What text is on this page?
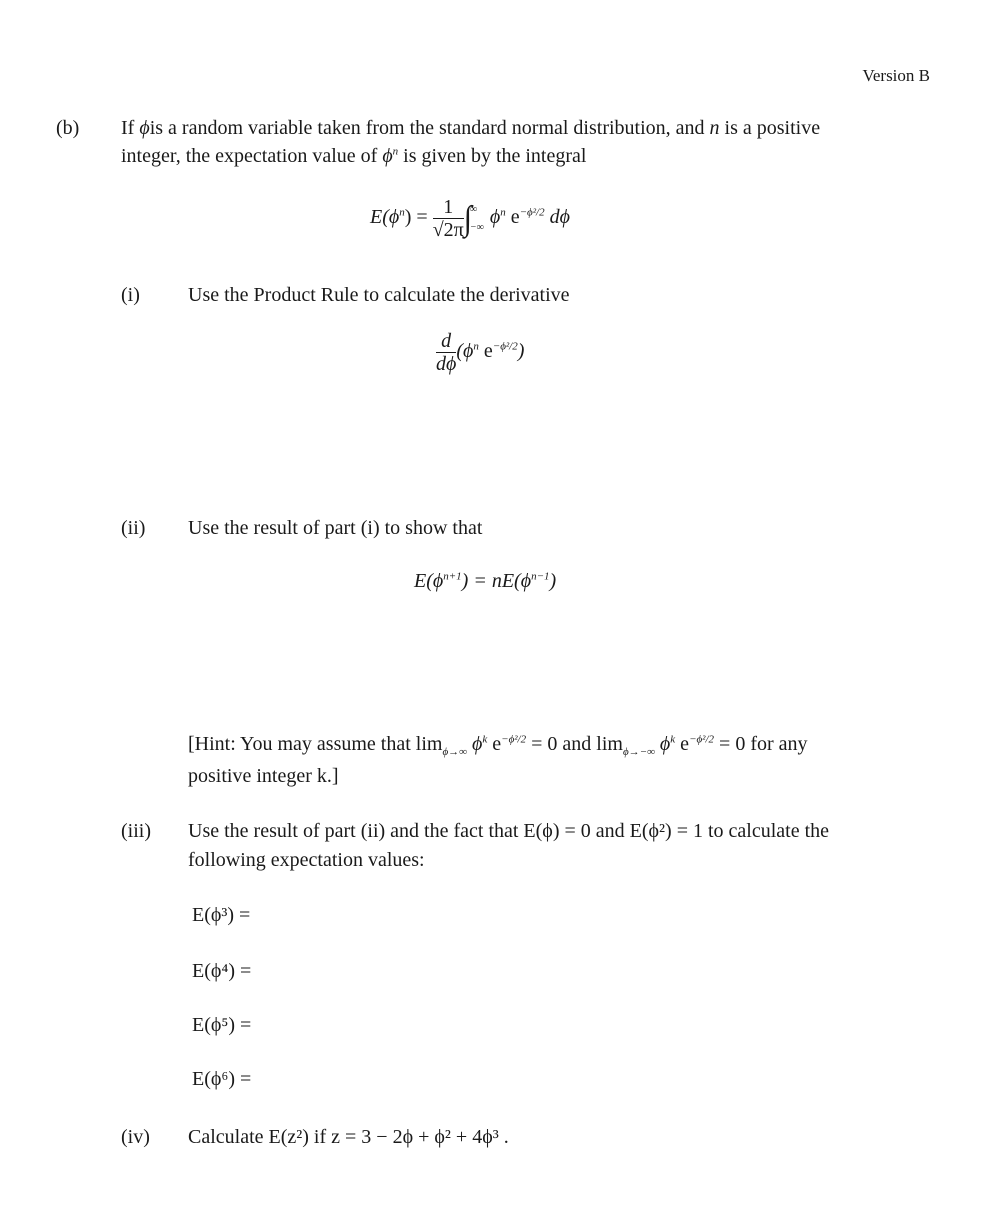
Version B
(b) If ϕis a random variable taken from the standard normal distribution, and n is a positive
integer, the expectation value of $\phi^n$ is given by the integral
$E(\phi^n) = \frac{1}{√2\pi}$ ∫
∞
−∞ $\phi^n$ $e^{-\phi^2/2}$ dϕ
(i) Use the Product Rule to calculate the derivative
$\frac{d}{d\phi} (\phi^n$ $e^{-\phi^2/2}$)
(ii) Use the result of part (i) to show that
$E(\phi^{n+1}) = nE(\phi^{n-1})$
[Hint: You may assume that $\lim_{\phi\to\infty} \phi^k$ $e^{-\phi^2/2} = 0$ and $\lim_{\phi\to-\infty} \phi^k$ $e^{-\phi^2/2} = 0$ for any
positive integer k.]
(iii) Use the result of part (ii) and the fact that E(ϕ) = 0 and E(ϕ²) = 1 to calculate the
following expectation values:
E(ϕ³) =
E(ϕ⁴) =
E(ϕ⁵) =
E(ϕ⁶) =
(iv) Calculate E(z²) if z = 3 − 2ϕ + ϕ² + 4ϕ³ .
